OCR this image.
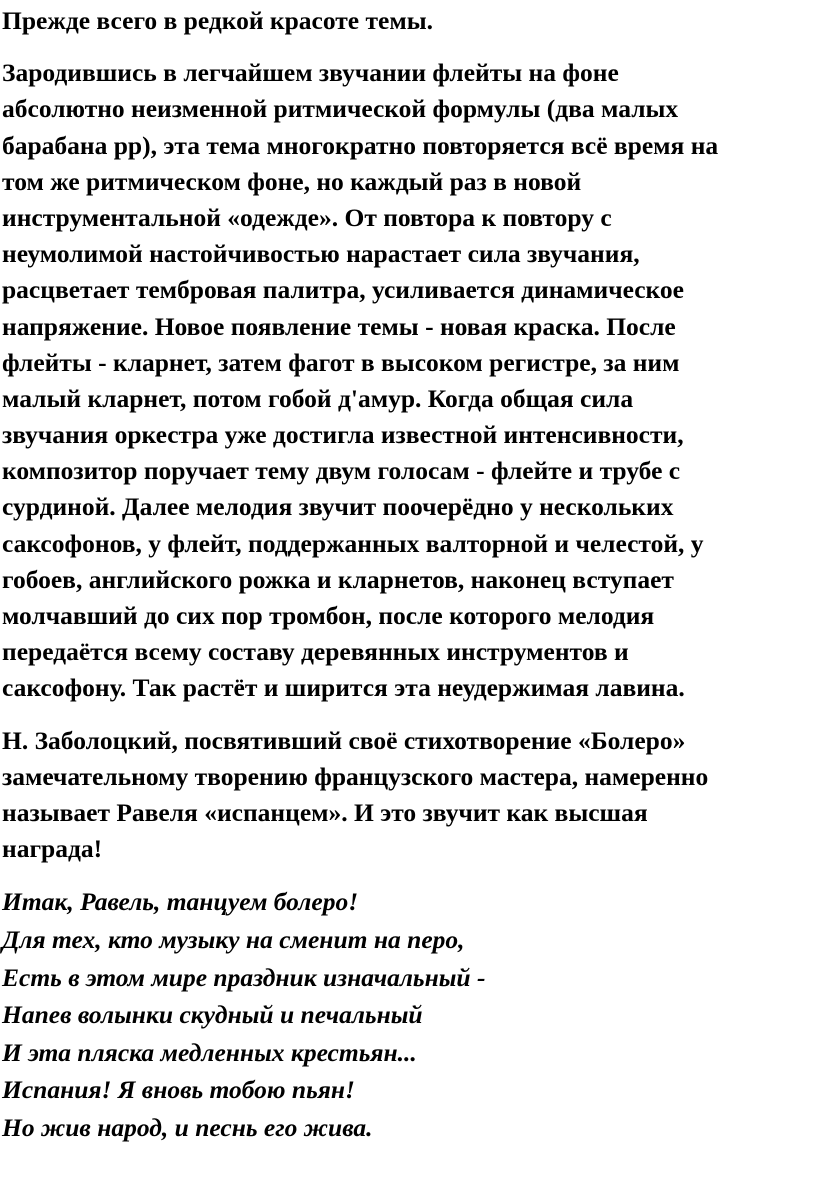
Прежде всего в редкой красоте темы.

Зародившись в легчайшем звучании флейты на фоне
абсолютно неизменной ритмической формулы (два малых
барабана pp), эта тема многократно повторяется всё время на
том же ритмическом фоне, но каждый раз в новой
инструментальной «одежде». От повтора к повтору с
неумолимой настойчивостью нарастает сила звучания,
расцветает тембровая палитра, усиливается динамическое
напряжение. Новое появление темы - новая краска. После
флейты - кларнет, затем фагот в высоком регистре, за ним
малый кларнет, потом гобой д'амур. Когда общая сила
звучания оркестра уже достигла известной интенсивности,
композитор поручает тему двум голосам - флейте и трубе с
сурдиной. Далее мелодия звучит поочерёдно у нескольких
саксофонов, у флейт, поддержанных валторной и челестой, у
гобоев, английского рожка и кларнетов, наконец вступает
молчавший до сих пор тромбон, после которого мелодия
передаётся всему составу деревянных инструментов и
саксофону. Так растёт и ширится эта неудержимая лавина.

Н. Заболоцкий, посвятивший своё стихотворение «Болеро»
замечательному творению французского мастера, намеренно
называет Равеля «испанцем». И это звучит как высшая
награда!

Итак, Равель, танцуем болеро!
Для тех, кто музыку на сменит на перо,
Есть в этом мире праздник изначальный -
Напев волынки скудный и печальный
И эта пляска медленных крестьян...
Испания! Я вновь тобою пьян!
Но жив народ, и песнь его жива.
